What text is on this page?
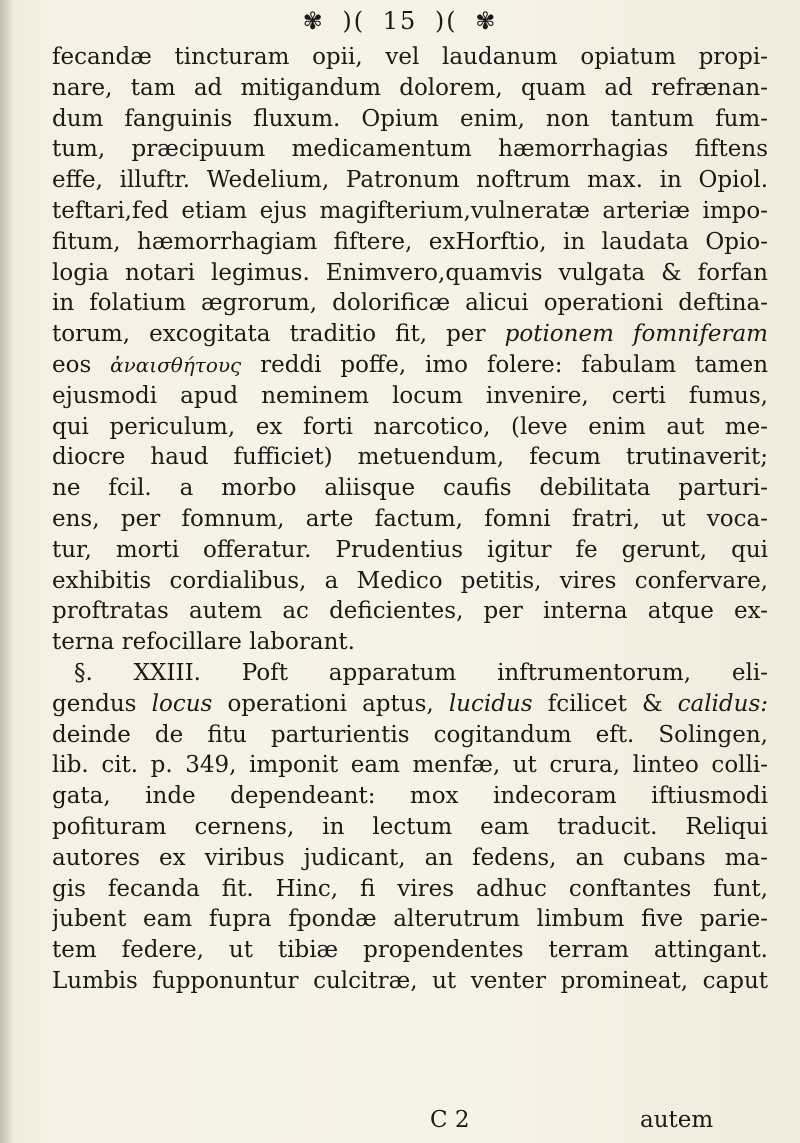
✾ )( 15 )( ✾
fecandæ tincturam opii, vel laudanum opiatum propi-
nare, tam ad mitigandum dolorem, quam ad refrænan-
dum fanguinis fluxum. Opium enim, non tantum fum-
tum, præcipuum medicamentum hæmorrhagias fiftens
effe, illuftr. Wedelium, Patronum noftrum max. in Opiol.
teftari,fed etiam ejus magifterium,vulneratæ arteriæ impo-
fitum, hæmorrhagiam fiftere, exHorftio, in laudata Opio-
logia notari legimus. Enimvero,quamvis vulgata & forfan
in folatium ægrorum, dolorificæ alicui operationi deftina-
torum, excogitata traditio fit, per potionem fomniferam
eos ἀναισθήτους reddi poffe, imo folere: fabulam tamen
ejusmodi apud neminem locum invenire, certi fumus,
qui periculum, ex forti narcotico, (leve enim aut me-
diocre haud fufficiet) metuendum, fecum trutinaverit;
ne fcil. a morbo aliisque caufis debilitata parturi-
ens, per fomnum, arte factum, fomni fratri, ut voca-
tur, morti offeratur. Prudentius igitur fe gerunt, qui
exhibitis cordialibus, a Medico petitis, vires confervare,
proftratas autem ac deficientes, per interna atque ex-
terna refocillare laborant.
§. XXIII. Poft apparatum inftrumentorum, eli-
gendus locus operationi aptus, lucidus fcilicet & calidus:
deinde de fitu parturientis cogitandum eft. Solingen,
lib. cit. p. 349, imponit eam menfæ, ut crura, linteo colli-
gata, inde dependeant: mox indecoram iftiusmodi
pofituram cernens, in lectum eam traducit. Reliqui
autores ex viribus judicant, an fedens, an cubans ma-
gis fecanda fit. Hinc, fi vires adhuc conftantes funt,
jubent eam fupra fpondæ alterutrum limbum five parie-
tem federe, ut tibiæ propendentes terram attingant.
Lumbis fupponuntur culcitræ, ut venter promineat, caput
C 2	autem
